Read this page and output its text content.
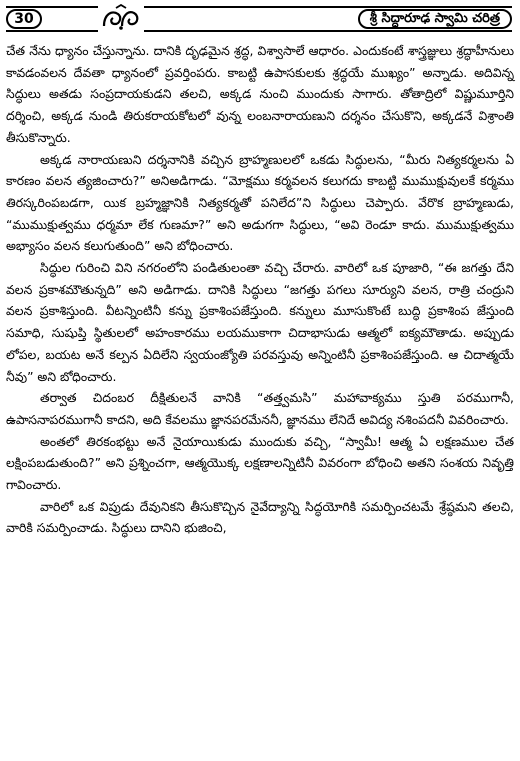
30	శ్రీ సిద్ధారూఢ స్వామి చరిత్ర

చేత నేను ధ్యానం చేస్తున్నాను. దానికి దృఢమైన శ్రద్ధ, విశ్వాసాలే ఆధారం. ఎందుకంటే శాస్త్రజ్ఞులు శ్రద్ధాహీనులు కావడంవలన దేవతా ధ్యానంలో ప్రవర్తింపరు. కాబట్టి ఉపాసకులకు శ్రద్ధయే ముఖ్యం” అన్నాడు. అదివిన్న సిద్ధులు అతడు సంప్రదాయకుడని తలచి, అక్కడ నుంచి ముందుకు సాగారు. తోతాద్రిలో విష్ణుమూర్తిని దర్శించి, అక్కడ నుండి తిరుకరాయకోటలో వున్న లంబనారాయణుని దర్శనం చేసుకొని, అక్కడనే విశ్రాంతి తీసుకొన్నారు.

అక్కడ నారాయణుని దర్శనానికి వచ్చిన బ్రాహ్మణులలో ఒకడు సిద్ధులను, “మీరు నిత్యకర్మలను ఏ కారణం వలన త్యజించారు?” అనిఅడిగాడు. “మోక్షము కర్మవలన కలుగదు కాబట్టి ముముక్షువులకే కర్మము తిరస్కరింపబడగా, యిక బ్రహ్మజ్ఞానికి నిత్యకర్మతో పనిలేద”ని సిద్ధులు చెప్పారు. వేరొక బ్రాహ్మణుడు, “ముముక్షుత్వము ధర్మమా లేక గుణమా?” అని అడుగగా సిద్ధులు, “అవి రెండూ కాదు. ముముక్షుత్వము అభ్యాసం వలన కలుగుతుంది” అని బోధించారు.

సిద్ధుల గురించి విని నగరంలోని పండితులంతా వచ్చి చేరారు. వారిలో ఒక పూజారి, “ఈ జగత్తు దేని వలన ప్రకాశమౌతున్నది” అని అడిగాడు. దానికి సిద్ధులు “జగత్తు పగలు సూర్యుని వలన, రాత్రి చంద్రుని వలన ప్రకాశిస్తుంది. వీటన్నింటినీ కన్ను ప్రకాశింపజేస్తుంది. కన్నులు మూసుకొంటే బుద్ధి ప్రకాశింప జేస్తుంది సమాధి, సుషుప్తి స్థితులలో అహంకారము లయముకాగా చిదాభాసుడు ఆత్మలో ఐక్యమౌతాడు. అప్పుడు లోపల, బయట అనే కల్పన ఏదిలేని స్వయంజ్యోతి పరవస్తువు అన్నింటినీ ప్రకాశింపజేస్తుంది. ఆ చిదాత్మయే నీవు” అని బోధించారు.

తర్వాత చిదంబర దీక్షితులనే వానికి “తత్త్వమసి” మహావాక్యము స్తుతి పరముగానీ, ఉపాసనాపరముగానీ కాదని, అది కేవలము జ్ఞానపరమేననీ, జ్ఞానము లేనిదే అవిద్య నశింపదనీ వివరించారు.

అంతలో తిరకంభట్టు అనే నైయాయికుడు ముందుకు వచ్చి, “స్వామీ! ఆత్మ ఏ లక్షణముల చేత లక్షింపబడుతుంది?” అని ప్రశ్నించగా, ఆత్మయొక్క లక్షణాలన్నిటినీ వివరంగా బోధించి అతని సంశయ నివృత్తి గావించారు.

వారిలో ఒక విప్రుడు దేవునికని తీసుకొచ్చిన నైవేద్యాన్ని సిద్ధయోగికి సమర్పించటమే శ్రేష్ఠమని తలచి, వారికి సమర్పించాడు. సిద్ధులు దానిని భుజించి,
